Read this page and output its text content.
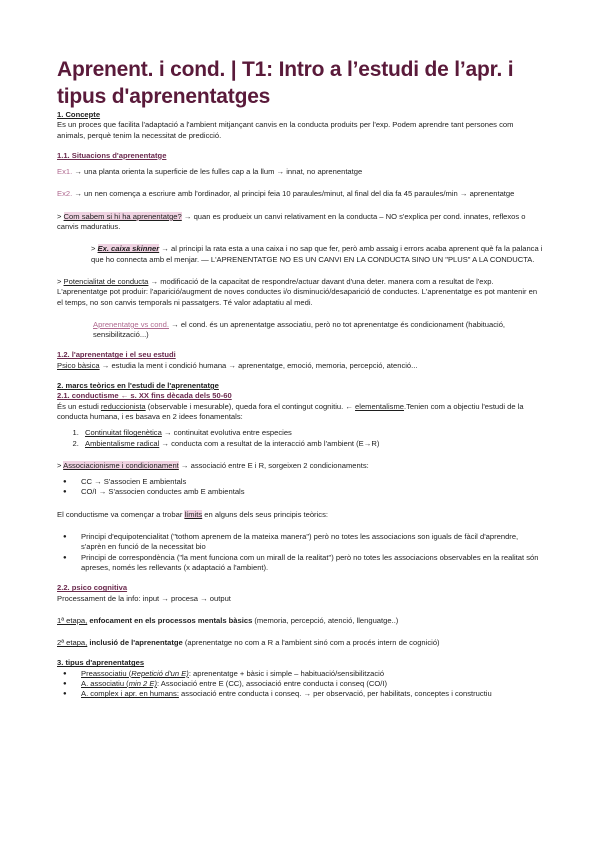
Aprenent. i cond. | T1: Intro a l’estudi de l’apr. i tipus d'aprenentatges

1. Concepte

Es un proces que facilita l'adaptació a l'ambient mitjançant canvis en la conducta produits per l'exp. Podem aprendre tant persones com animals, perquè tenim la necessitat de predicció.

1.1. Situacions d'aprenentatge

Ex1. → una planta orienta la superficie de les fulles cap a la llum → innat, no aprenentatge

Ex2. → un nen comença a escriure amb l'ordinador, al principi feia 10 paraules/minut, al final del dia fa 45 paraules/min → aprenentatge

> Com sabem si hi ha aprenentatge? → quan es produeix un canvi relativament en la conducta – NO s'explica per cond. innates, reflexos o canvis maduratius.

> Ex. caixa skinner → al principi la rata esta a una caixa i no sap que fer, però amb assaig i errors acaba aprenent què fa la palanca i que ho connecta amb el menjar. — L'APRENENTATGE NO ES UN CANVI EN LA CONDUCTA SINO UN "PLUS" A LA CONDUCTA.

> Potencialitat de conducta → modificació de la capacitat de respondre/actuar davant d'una deter. manera com a resultat de l'exp. L'aprenentatge pot produir: l'aparició/augment de noves conductes i/o disminució/desaparició de conductes. L'aprenentatge es pot mantenir en el temps, no son canvis temporals ni passatgers. Té valor adaptatiu al medi.

Aprenentatge vs cond. → el cond. és un aprenentatge associatiu, però no tot aprenentatge és condicionament (habituació, sensibilització...)

1.2. l'aprenentatge i el seu estudi

Psico bàsica → estudia la ment i condició humana → aprenentatge, emoció, memoria, percepció, atenció...

2. marcs teòrics en l'estudi de l'aprenentatge

2.1. conductisme ← s. XX fins dècada dels 50-60

És un estudi reduccionista (observable i mesurable), queda fora el contingut cognitiu. ← elementalisme.Tenien com a objectiu l'estudi de la conducta humana, i es basava en 2 idees fonamentals:

1. Continuitat filogenètica → continuitat evolutiva entre especies
2. Ambientalisme radical → conducta com a resultat de la interacció amb l'ambient (E→R)

> Associacionisme i condicionament → associació entre E i R, sorgeixen 2 condicionaments:

● CC → S'associen E ambientals
● CO/I → S'associen conductes amb E ambientals

El conductisme va començar a trobar límits en alguns dels seus principis teòrics:

● Principi d'equipotencialitat ("tothom aprenem de la mateixa manera") però no totes les associacions son iguals de fàcil d'aprendre, s'aprèn en funció de la necessitat bio
● Principi de correspondència ("la ment funciona com un mirall de la realitat") però no totes les associacions observables en la realitat són apreses, només les rellevants (x adaptació a l'ambient).

2.2. psico cognitiva

Processament de la info: input → procesa → output

1ª etapa, enfocament en els processos mentals bàsics (memoria, percepció, atenció, llenguatge..)

2ª etapa, inclusió de l'aprenentatge (aprenentatge no com a R a l'ambient sinó com a procés intern de cognició)

3. tipus d'aprenentatges

● Preassociatiu (Repetició d'un E): aprenentatge + bàsic i simple – habituació/sensibilització
● A. associatiu (min 2 E): Associació entre E (CC), associació entre conducta i conseq (CO/I)
● A. complex i apr. en humans: associació entre conducta i conseq. → per observació, per habilitats, conceptes i constructiu
